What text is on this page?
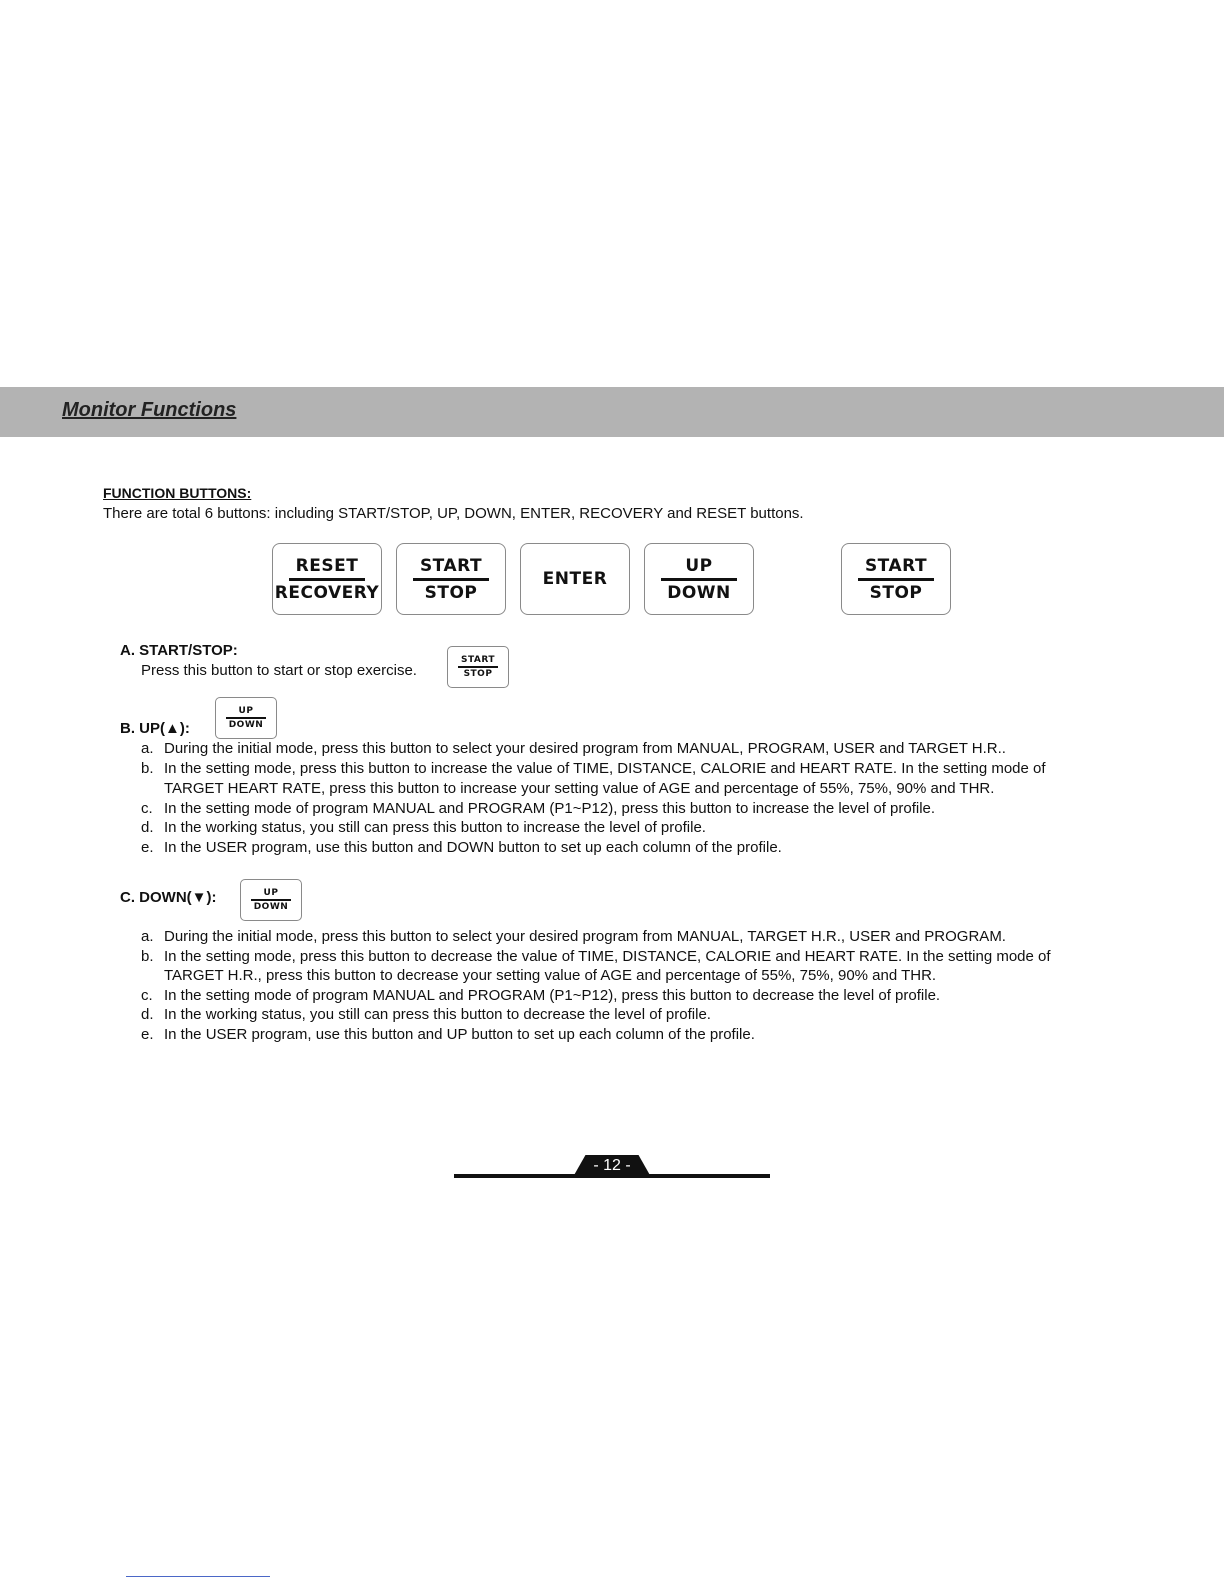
Monitor Functions
FUNCTION BUTTONS:
There are total 6 buttons: including START/STOP, UP, DOWN, ENTER, RECOVERY and RESET buttons.
RESET
RECOVERY
START
STOP
ENTER
UP
DOWN
START
STOP
A. START/STOP:
Press this button to start or stop exercise.
START
STOP
UP
DOWN
B. UP(▲):
a. During the initial mode, press this button to select your desired program from MANUAL, PROGRAM, USER and TARGET H.R..
b. In the setting mode, press this button to increase the value of TIME, DISTANCE, CALORIE and HEART RATE. In the setting mode of
TARGET HEART RATE, press this button to increase your setting value of AGE and percentage of 55%, 75%, 90% and THR.
c. In the setting mode of program MANUAL and PROGRAM (P1~P12), press this button to increase the level of profile.
d. In the working status, you still can press this button to increase the level of profile.
e. In the USER program, use this button and DOWN button to set up each column of the profile.
C. DOWN(▼):	UP
DOWN
a. During the initial mode, press this button to select your desired program from MANUAL, TARGET H.R., USER and PROGRAM.
b. In the setting mode, press this button to decrease the value of TIME, DISTANCE, CALORIE and HEART RATE. In the setting mode of
TARGET H.R., press this button to decrease your setting value of AGE and percentage of 55%, 75%, 90% and THR.
c. In the setting mode of program MANUAL and PROGRAM (P1~P12), press this button to decrease the level of profile.
d. In the working status, you still can press this button to decrease the level of profile.
e. In the USER program, use this button and UP button to set up each column of the profile.
- 12 -
